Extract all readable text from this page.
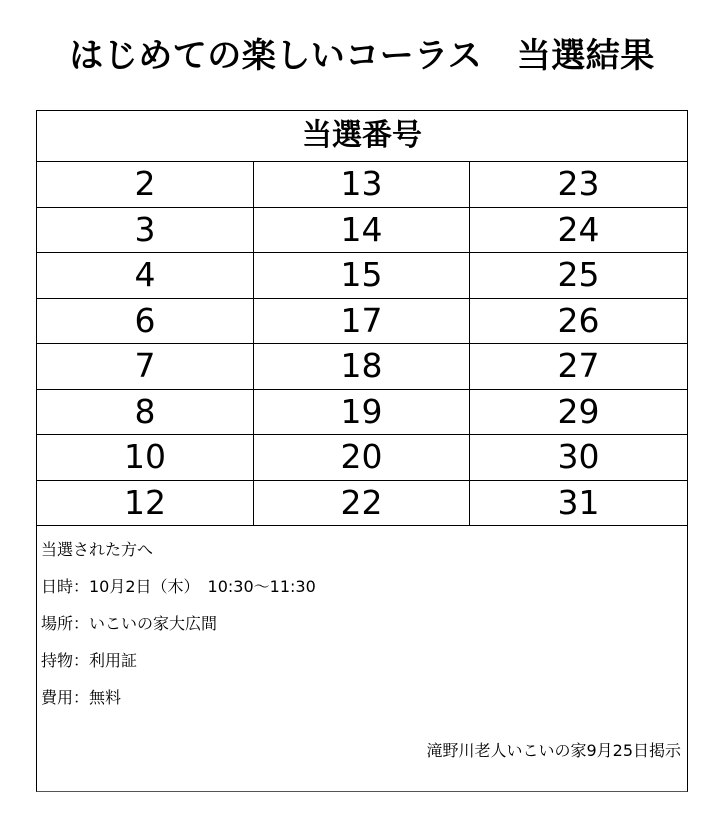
はじめての楽しいコーラス　当選結果
当選番号
2	13	23
3	14	24
4	15	25
6	17	26
7	18	27
8	19	29
10	20	30
12	22	31
当選された方へ
日時：10月2日（木）　10:30～11:30
場所：いこいの家大広間
持物：利用証
費用：無料
滝野川老人いこいの家9月25日掲示
